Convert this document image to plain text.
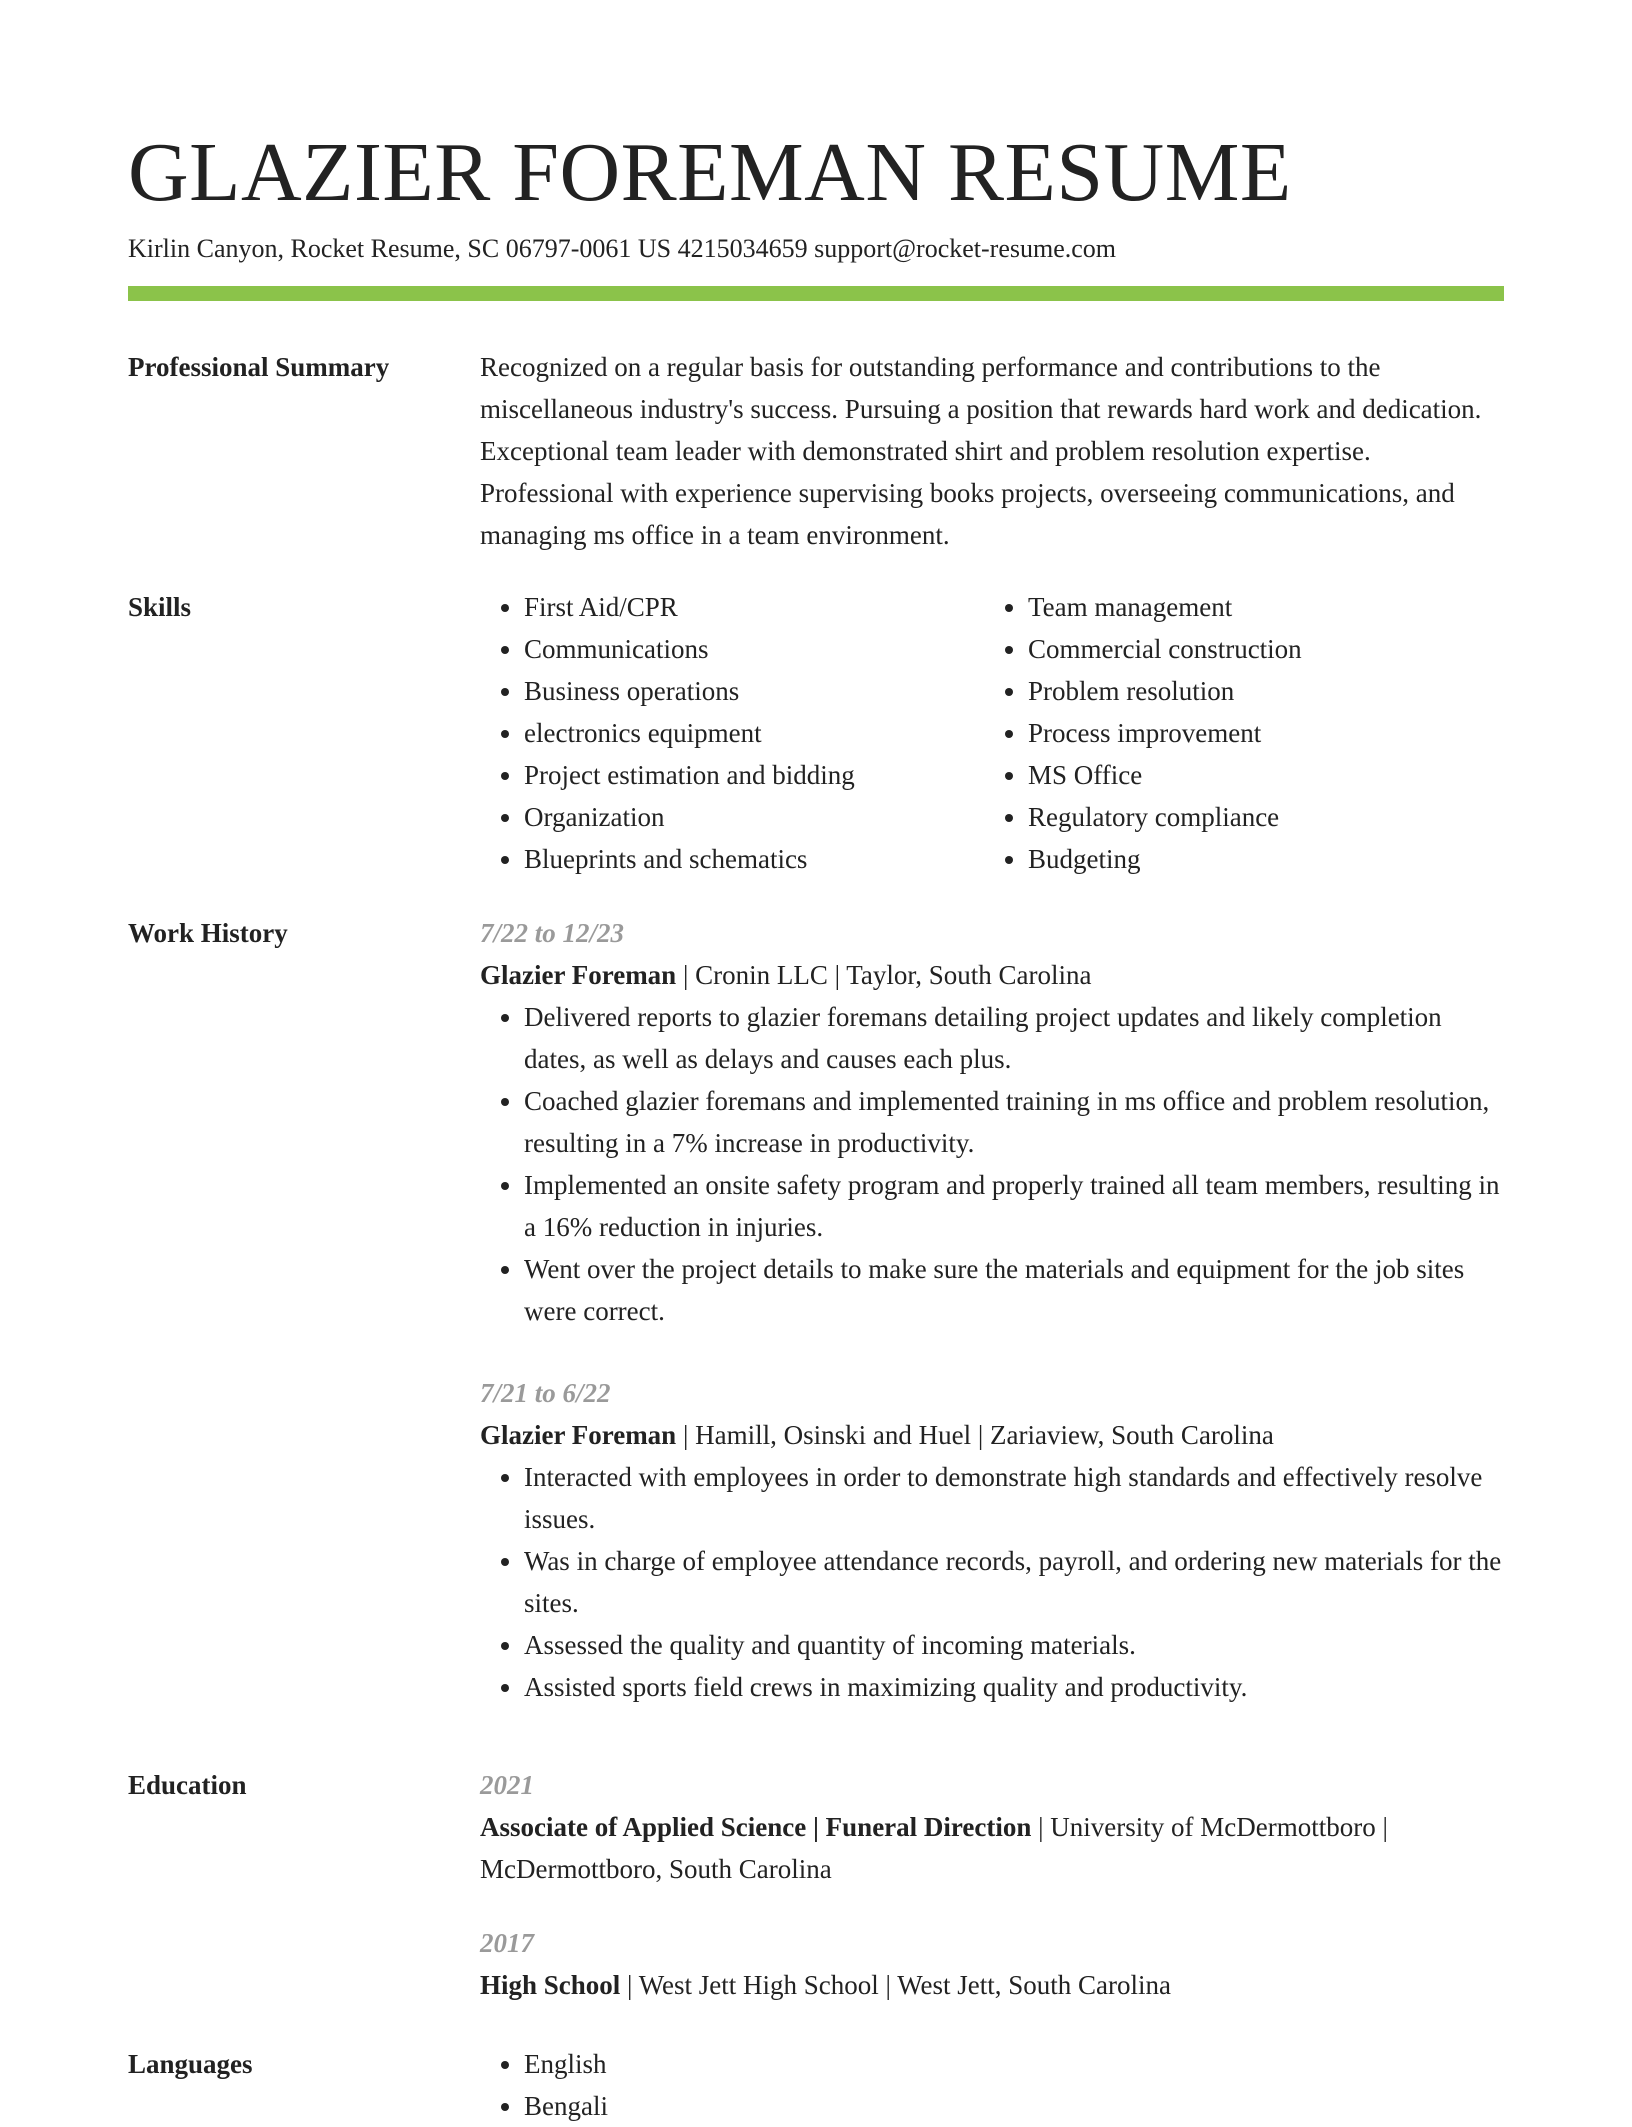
GLAZIER FOREMAN RESUME
Kirlin Canyon, Rocket Resume, SC 06797-0061 US 4215034659 support@rocket-resume.com
Professional Summary	Recognized on a regular basis for outstanding performance and contributions to the miscellaneous industry's success. Pursuing a position that rewards hard work and dedication. Exceptional team leader with demonstrated shirt and problem resolution expertise. Professional with experience supervising books projects, overseeing communications, and managing ms office in a team environment.

Skills	• First Aid/CPR
• Communications
• Business operations
• electronics equipment
• Project estimation and bidding
• Organization
• Blueprints and schematics
• Team management
• Commercial construction
• Problem resolution
• Process improvement
• MS Office
• Regulatory compliance
• Budgeting
Work History	7/22 to 12/23
Glazier Foreman | Cronin LLC | Taylor, South Carolina
• Delivered reports to glazier foremans detailing project updates and likely completion dates, as well as delays and causes each plus.
• Coached glazier foremans and implemented training in ms office and problem resolution, resulting in a 7% increase in productivity.
• Implemented an onsite safety program and properly trained all team members, resulting in a 16% reduction in injuries.
• Went over the project details to make sure the materials and equipment for the job sites were correct.
7/21 to 6/22
Glazier Foreman | Hamill, Osinski and Huel | Zariaview, South Carolina
• Interacted with employees in order to demonstrate high standards and effectively resolve issues.
• Was in charge of employee attendance records, payroll, and ordering new materials for the sites.
• Assessed the quality and quantity of incoming materials.
• Assisted sports field crews in maximizing quality and productivity.
Education	2021
Associate of Applied Science | Funeral Direction | University of McDermottboro | McDermottboro, South Carolina
2017
High School | West Jett High School | West Jett, South Carolina
Languages	• English
• Bengali
